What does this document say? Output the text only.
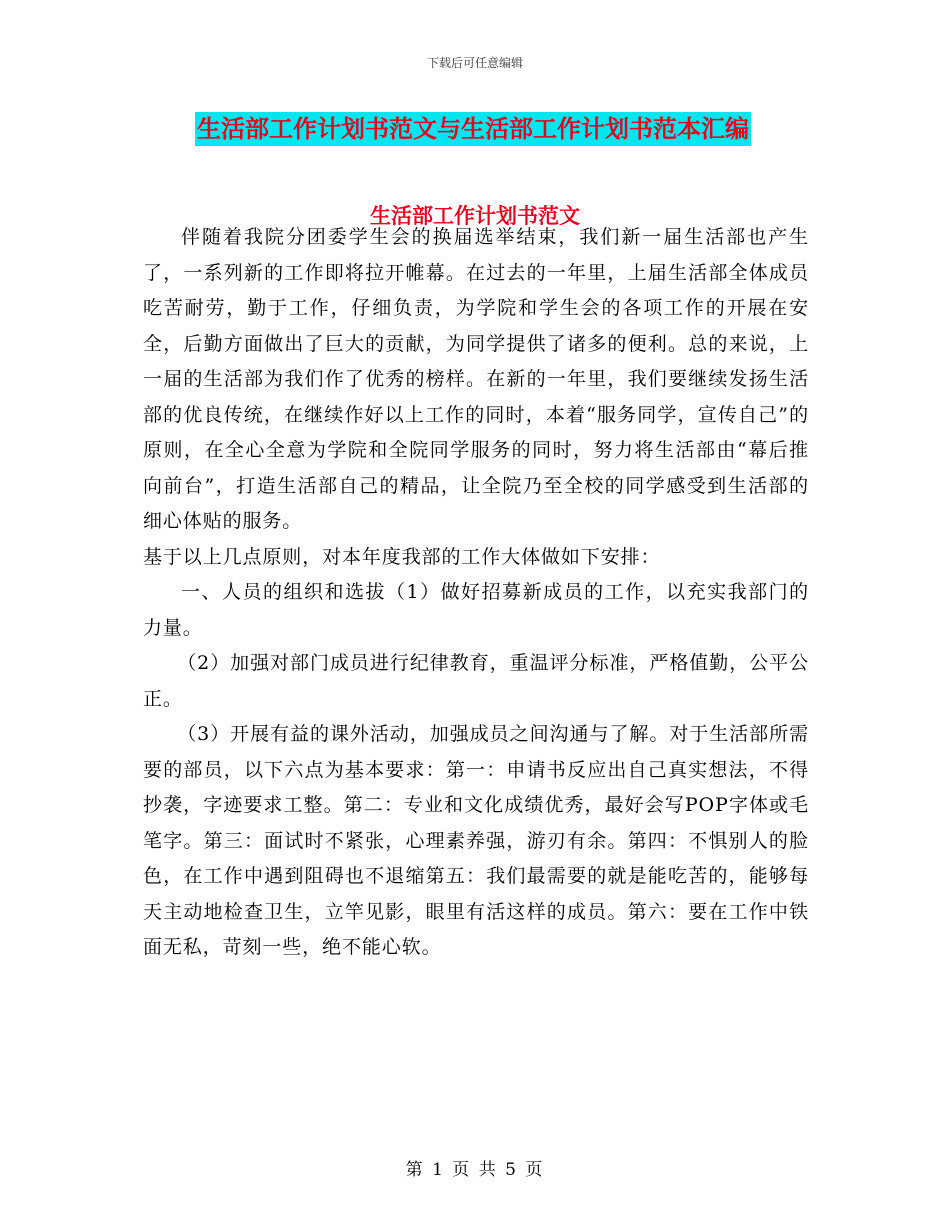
下载后可任意编辑
生活部工作计划书范文与生活部工作计划书范本汇编
生活部工作计划书范文

伴随着我院分团委学生会的换届选举结束，我们新一届生活部也产生了，一系列新的工作即将拉开帷幕。在过去的一年里，上届生活部全体成员吃苦耐劳，勤于工作，仔细负责，为学院和学生会的各项工作的开展在安全，后勤方面做出了巨大的贡献，为同学提供了诸多的便利。总的来说，上一届的生活部为我们作了优秀的榜样。在新的一年里，我们要继续发扬生活部的优良传统，在继续作好以上工作的同时，本着“服务同学，宣传自己”的原则，在全心全意为学院和全院同学服务的同时，努力将生活部由“幕后推向前台”，打造生活部自己的精品，让全院乃至全校的同学感受到生活部的细心体贴的服务。

基于以上几点原则，对本年度我部的工作大体做如下安排：

一、人员的组织和选拔（1）做好招募新成员的工作，以充实我部门的力量。

（2）加强对部门成员进行纪律教育，重温评分标准，严格值勤，公平公正。

（3）开展有益的课外活动，加强成员之间沟通与了解。对于生活部所需要的部员，以下六点为基本要求：第一：申请书反应出自己真实想法，不得抄袭，字迹要求工整。第二：专业和文化成绩优秀，最好会写POP字体或毛笔字。第三：面试时不紧张，心理素养强，游刃有余。第四：不惧别人的脸色，在工作中遇到阻碍也不退缩第五：我们最需要的就是能吃苦的，能够每天主动地检查卫生，立竿见影，眼里有活这样的成员。第六：要在工作中铁面无私，苛刻一些，绝不能心软。

第 1 页 共 5 页
